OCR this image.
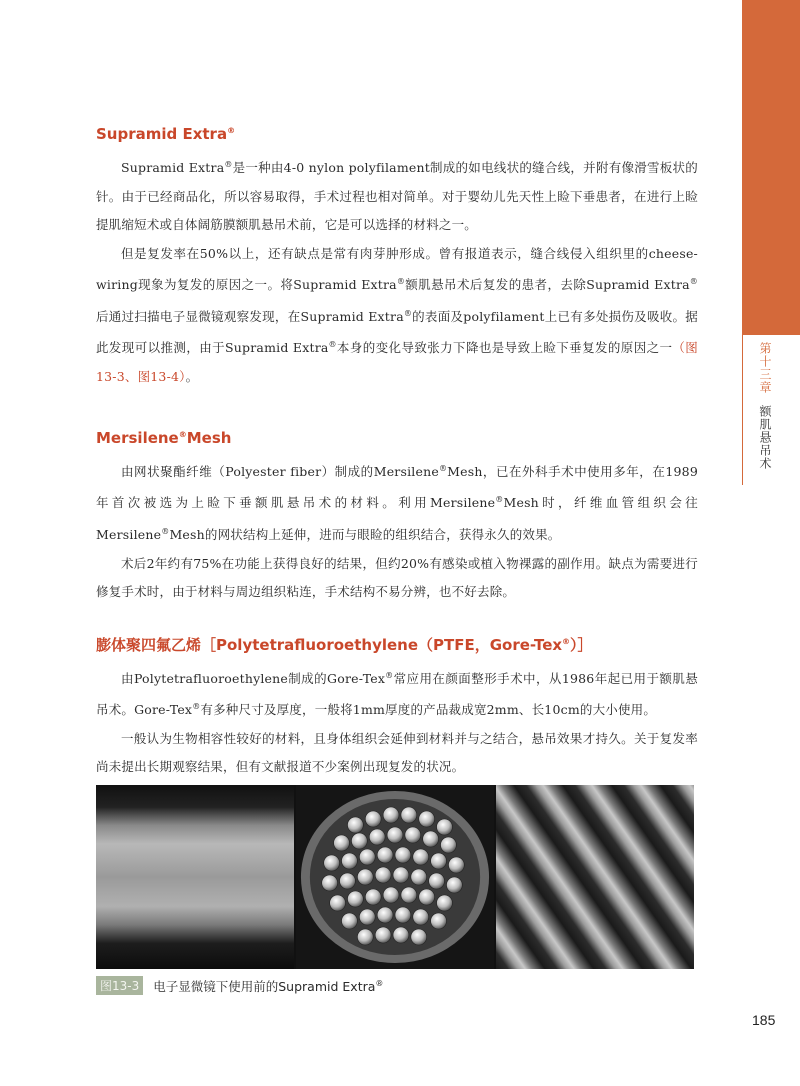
第十三章 额肌悬吊术
Supramid Extra®

Supramid Extra®是一种由4-0 nylon polyfilament制成的如电线状的缝合线，并附有像滑雪板状的针。由于已经商品化，所以容易取得，手术过程也相对简单。对于婴幼儿先天性上睑下垂患者，在进行上睑提肌缩短术或自体阔筋膜额肌悬吊术前，它是可以选择的材料之一。

但是复发率在50%以上，还有缺点是常有肉芽肿形成。曾有报道表示，缝合线侵入组织里的cheese-wiring现象为复发的原因之一。将Supramid Extra®额肌悬吊术后复发的患者，去除Supramid Extra®后通过扫描电子显微镜观察发现，在Supramid Extra®的表面及polyfilament上已有多处损伤及吸收。据此发现可以推测，由于Supramid Extra®本身的变化导致张力下降也是导致上睑下垂复发的原因之一（图13-3、图13-4）。

Mersilene®Mesh

由网状聚酯纤维（Polyester fiber）制成的Mersilene®Mesh，已在外科手术中使用多年，在1989年首次被选为上睑下垂额肌悬吊术的材料。利用Mersilene®Mesh时，纤维血管组织会往Mersilene®Mesh的网状结构上延伸，进而与眼睑的组织结合，获得永久的效果。

术后2年约有75%在功能上获得良好的结果，但约20%有感染或植入物裸露的副作用。缺点为需要进行修复手术时，由于材料与周边组织粘连，手术结构不易分辨，也不好去除。

膨体聚四氟乙烯［Polytetrafluoroethylene（PTFE，Gore-Tex®）］

由Polytetrafluoroethylene制成的Gore-Tex®常应用在颜面整形手术中，从1986年起已用于额肌悬吊术。Gore-Tex®有多种尺寸及厚度，一般将1mm厚度的产品裁成宽2mm、长10cm的大小使用。

一般认为生物相容性较好的材料，且身体组织会延伸到材料并与之结合，悬吊效果才持久。关于复发率尚未提出长期观察结果，但有文献报道不少案例出现复发的状况。

图13-3	电子显微镜下使用前的Supramid Extra®
185
